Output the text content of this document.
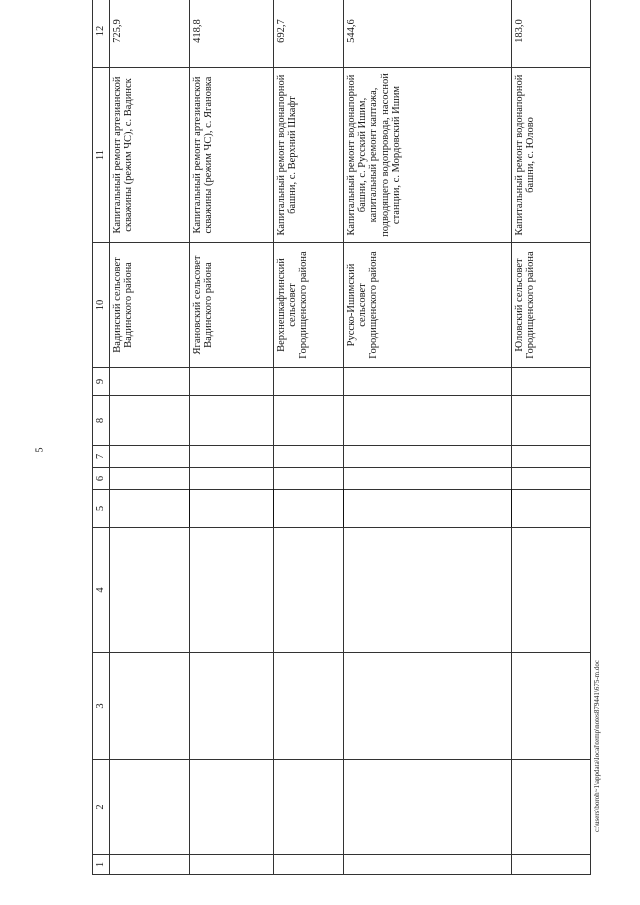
5
c:\users\boroh~1\appdata\local\temp\notes879441\675-m.doc
1	2	3	4	5	6	7	8	9	10	11	12
									Вадинский сельсовет Вадинского района	Капитальный ремонт артезианской скважины (режим ЧС), с. Вадинск	725,9
									Ягановский сельсовет Вадинского района	Капитальный ремонт артезианской скважины (режим ЧС), с. Ягановка	418,8
									Верхнешкафтинский сельсовет Городищенского района	Капитальный ремонт водонапорной башни, с. Верхний Шкафт	692,7
									Русско-Ишимский сельсовет Городищенского района	Капитальный ремонт водонапорной башни, с. Русский Ишим, капитальный ремонт каптажа, подводящего водопровода, насосной станции, с. Мордовский Ишим	544,6
									Юловский сельсовет Городищенского района	Капитальный ремонт водонапорной башни, с. Юлово	183,0
